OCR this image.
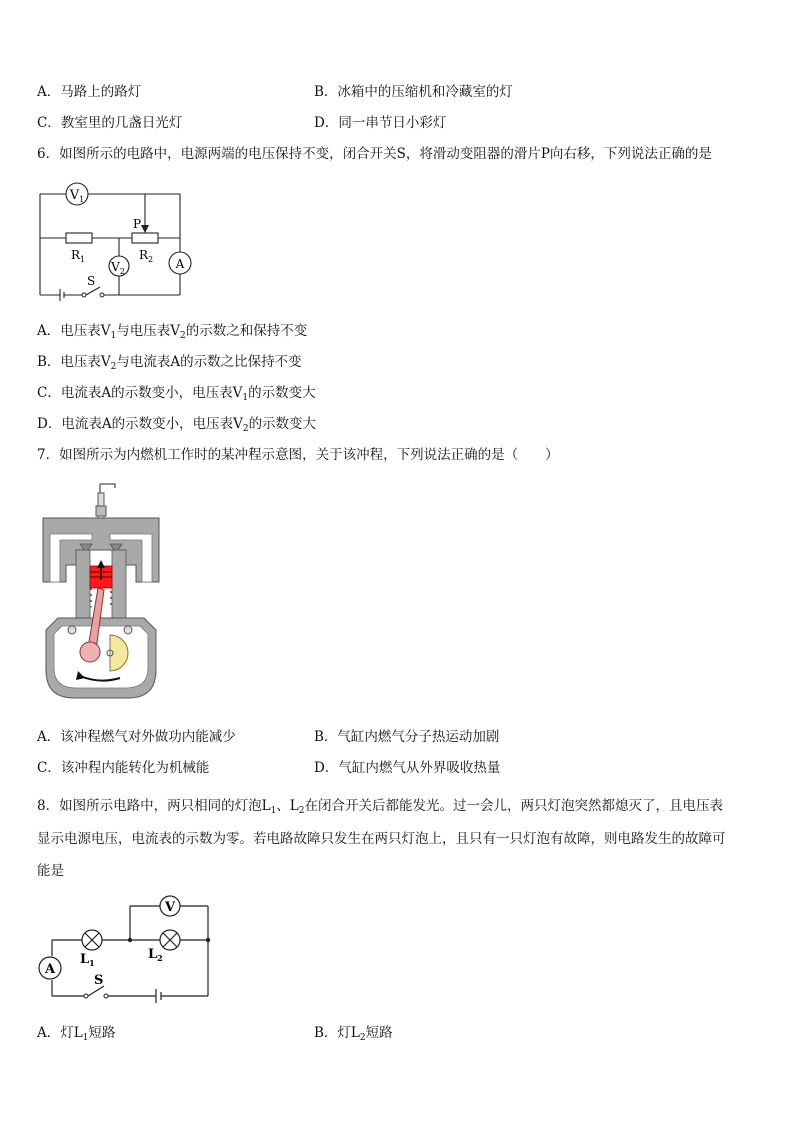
A．马路上的路灯	B．冰箱中的压缩机和冷藏室的灯
C．教室里的几盏日光灯	D．同一串节日小彩灯
6．如图所示的电路中，电源两端的电压保持不变，闭合开关S，将滑动变阻器的滑片P向右移，下列说法正确的是
$V_1$
$V_2$
A
$R_1$	$R_2$
P
S
A．电压表$V_1$与电压表$V_2$的示数之和保持不变
B．电压表$V_2$与电流表A的示数之比保持不变
C．电流表A的示数变小，电压表$V_1$的示数变大
D．电流表A的示数变小，电压表$V_2$的示数变大
7．如图所示为内燃机工作时的某冲程示意图，关于该冲程，下列说法正确的是（　　）
A．该冲程燃气对外做功内能减少	B．气缸内燃气分子热运动加剧
C．该冲程内能转化为机械能	D．气缸内燃气从外界吸收热量
8．如图所示电路中，两只相同的灯泡$L_1$、$L_2$在闭合开关后都能发光。过一会儿，两只灯泡突然都熄灭了，且电压表
显示电源电压，电流表的示数为零。若电路故障只发生在两只灯泡上，且只有一只灯泡有故障，则电路发生的故障可
能是
V
A
$L_1$
$L_2$
S
A．灯$L_1$短路	B．灯$L_2$短路
